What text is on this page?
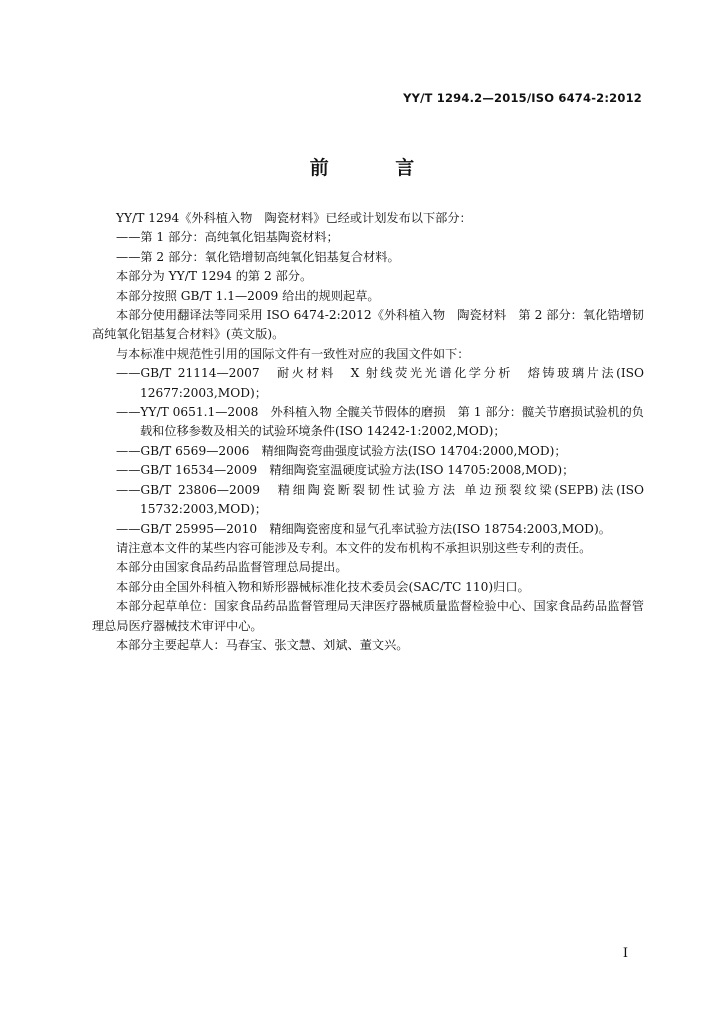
YY/T 1294.2—2015/ISO 6474-2:2012
前 言

YY/T 1294《外科植入物　陶瓷材料》已经或计划发布以下部分：

——第 1 部分：高纯氧化铝基陶瓷材料；

——第 2 部分：氧化锆增韧高纯氧化铝基复合材料。

本部分为 YY/T 1294 的第 2 部分。

本部分按照 GB/T 1.1—2009 给出的规则起草。

本部分使用翻译法等同采用 ISO 6474-2:2012《外科植入物　陶瓷材料　第 2 部分：氧化锆增韧高纯氧化铝基复合材料》(英文版)。

与本标准中规范性引用的国际文件有一致性对应的我国文件如下：

——GB/T 21114—2007　耐火材料　X 射线荧光光谱化学分析　熔铸玻璃片法(ISO 12677:2003,MOD)；

——YY/T 0651.1—2008　外科植入物 全髋关节假体的磨损　第 1 部分：髋关节磨损试验机的负载和位移参数及相关的试验环境条件(ISO 14242-1:2002,MOD)；

——GB/T 6569—2006　精细陶瓷弯曲强度试验方法(ISO 14704:2000,MOD)；

——GB/T 16534—2009　精细陶瓷室温硬度试验方法(ISO 14705:2008,MOD)；

——GB/T 23806—2009　精细陶瓷断裂韧性试验方法 单边预裂纹梁(SEPB)法(ISO 15732:2003,MOD)；

——GB/T 25995—2010　精细陶瓷密度和显气孔率试验方法(ISO 18754:2003,MOD)。

请注意本文件的某些内容可能涉及专利。本文件的发布机构不承担识别这些专利的责任。

本部分由国家食品药品监督管理总局提出。

本部分由全国外科植入物和矫形器械标准化技术委员会(SAC/TC 110)归口。

本部分起草单位：国家食品药品监督管理局天津医疗器械质量监督检验中心、国家食品药品监督管理总局医疗器械技术审评中心。

本部分主要起草人：马春宝、张文慧、刘斌、董文兴。

I
